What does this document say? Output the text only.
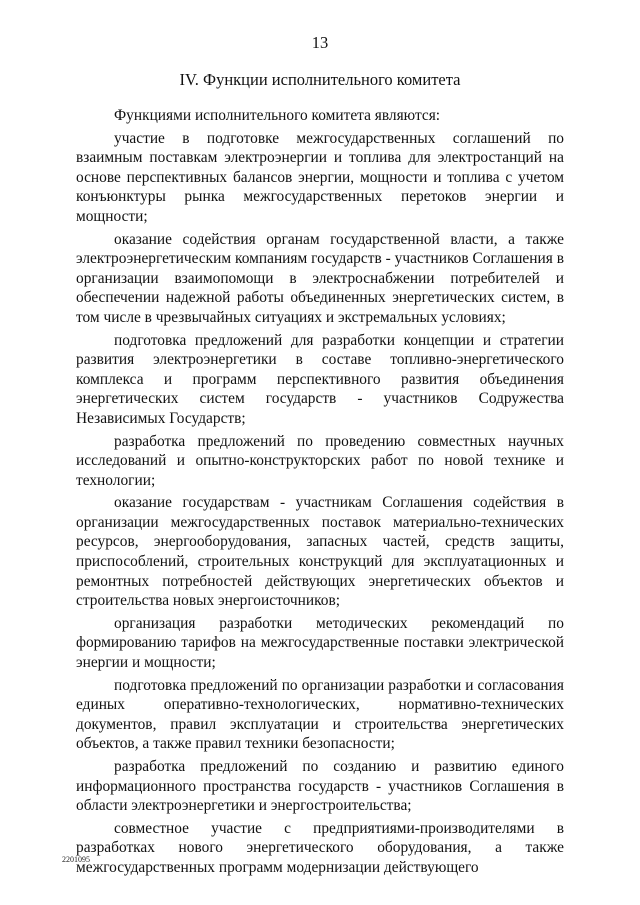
13
IV. Функции исполнительного комитета

Функциями исполнительного комитета являются:

участие в подготовке межгосударственных соглашений по взаимным поставкам электроэнергии и топлива для электростанций на основе перспективных балансов энергии, мощности и топлива с учетом конъюнктуры рынка межгосударственных перетоков энергии и мощности;

оказание содействия органам государственной власти, а также электроэнергетическим компаниям государств - участников Соглашения в организации взаимопомощи в электроснабжении потребителей и обеспечении надежной работы объединенных энергетических систем, в том числе в чрезвычайных ситуациях и экстремальных условиях;

подготовка предложений для разработки концепции и стратегии развития электроэнергетики в составе топливно-энергетического комплекса и программ перспективного развития объединения энергетических систем государств - участников Содружества Независимых Государств;

разработка предложений по проведению совместных научных исследований и опытно-конструкторских работ по новой технике и технологии;

оказание государствам - участникам Соглашения содействия в организации межгосударственных поставок материально-технических ресурсов, энергооборудования, запасных частей, средств защиты, приспособлений, строительных конструкций для эксплуатационных и ремонтных потребностей действующих энергетических объектов и строительства новых энергоисточников;

организация разработки методических рекомендаций по формированию тарифов на межгосударственные поставки электрической энергии и мощности;

подготовка предложений по организации разработки и согласования единых оперативно-технологических, нормативно-технических документов, правил эксплуатации и строительства энергетических объектов, а также правил техники безопасности;

разработка предложений по созданию и развитию единого информационного пространства государств - участников Соглашения в области электроэнергетики и энергостроительства;

совместное участие с предприятиями-производителями в разработках нового энергетического оборудования, а также межгосударственных программ модернизации действующего

2201095
